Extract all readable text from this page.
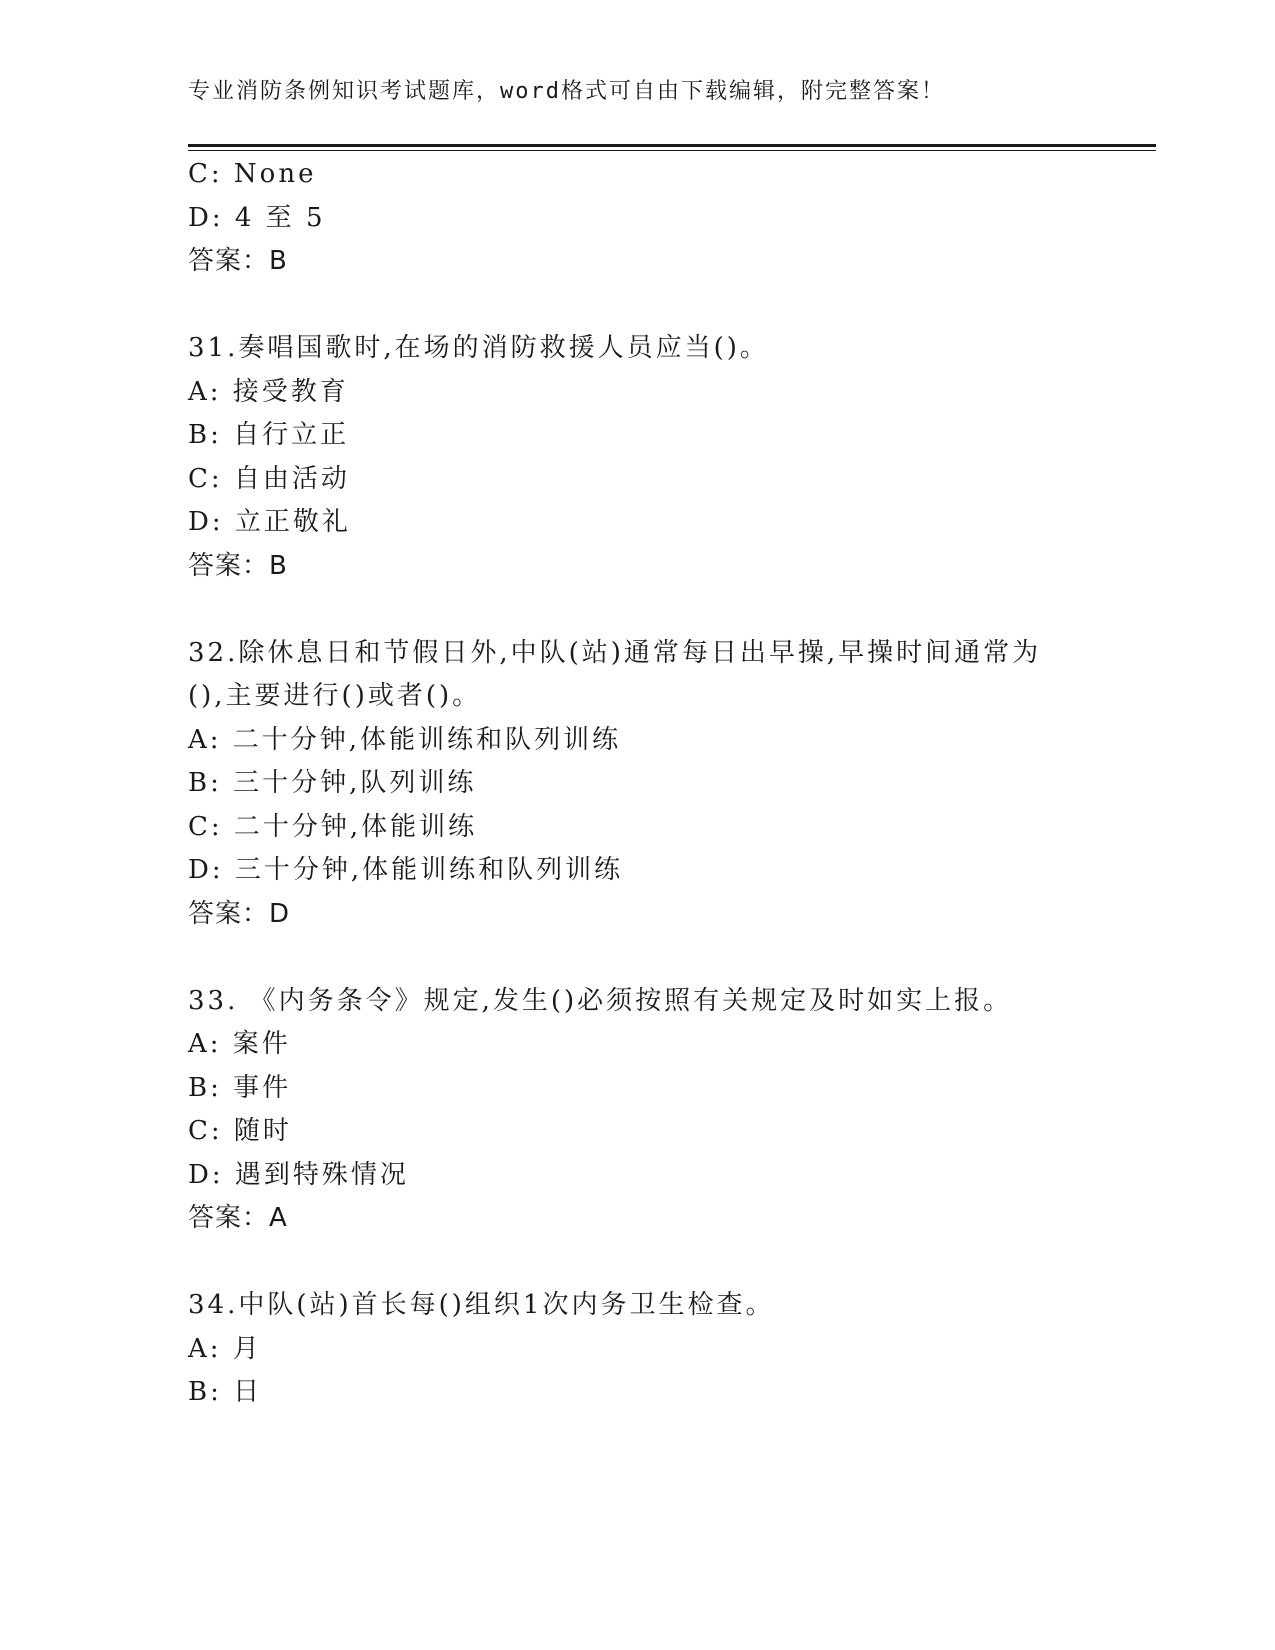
专业消防条例知识考试题库，word格式可自由下载编辑，附完整答案！
C: None
D: 4 至 5
答案：B
31.奏唱国歌时,在场的消防救援人员应当()。
A: 接受教育
B: 自行立正
C: 自由活动
D: 立正敬礼
答案：B
32.除休息日和节假日外,中队(站)通常每日出早操,早操时间通常为
(),主要进行()或者()。
A: 二十分钟,体能训练和队列训练
B: 三十分钟,队列训练
C: 二十分钟,体能训练
D: 三十分钟,体能训练和队列训练
答案：D
33. 《内务条令》规定,发生()必须按照有关规定及时如实上报。
A: 案件
B: 事件
C: 随时
D: 遇到特殊情况
答案：A
34.中队(站)首长每()组织1次内务卫生检查。
A: 月
B: 日
